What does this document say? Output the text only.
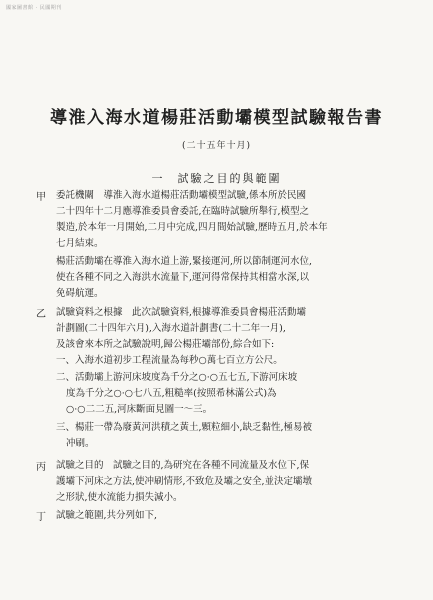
國家圖書館 · 民國期刊
導淮入海水道楊莊活動壩模型試驗報告書
(二十五年十月)
一　試驗之目的與範圍
甲 委託機關　導淮入海水道楊莊活動壩模型試驗,係本所於民國
二十四年十二月應導淮委員會委託,在臨時試驗所舉行,模型之
製造,於本年一月開始,二月中完成,四月間始試驗,歷時五月,於本年
七月結束。
楊莊活動壩在導淮入海水道上游,緊接運河,所以節制運河水位,
使在各種不同之入海洪水流量下,運河得常保持其相當水深,以
免碍航運。
乙 試驗資料之根據　此次試驗資料,根據導淮委員會楊莊活動壩
計劃圖(二十四年六月),入海水道計劃書(二十二年一月),
及該會來本所之試驗說明,歸公楊莊壩部份,綜合如下:
一、入海水道初步工程流量為每秒○萬七百立方公尺。
二、活動壩上游河床坡度為千分之○·○五七五,下游河床坡
度為千分之○·○七八五,粗糙率(按照希林滿公式)為
○·○二二五,河床斷面見圖一～三。
三、楊莊一帶為廢黃河洪積之黃土,顆粒細小,缺乏黏性,極易被
冲刷。
丙 試驗之目的　試驗之目的,為研究在各種不同流量及水位下,保
護壩下河床之方法,使冲刷情形,不致危及壩之安全,並決定壩墩
之形狀,使水流能力損失減小。
丁 試驗之範圍,共分列如下,
